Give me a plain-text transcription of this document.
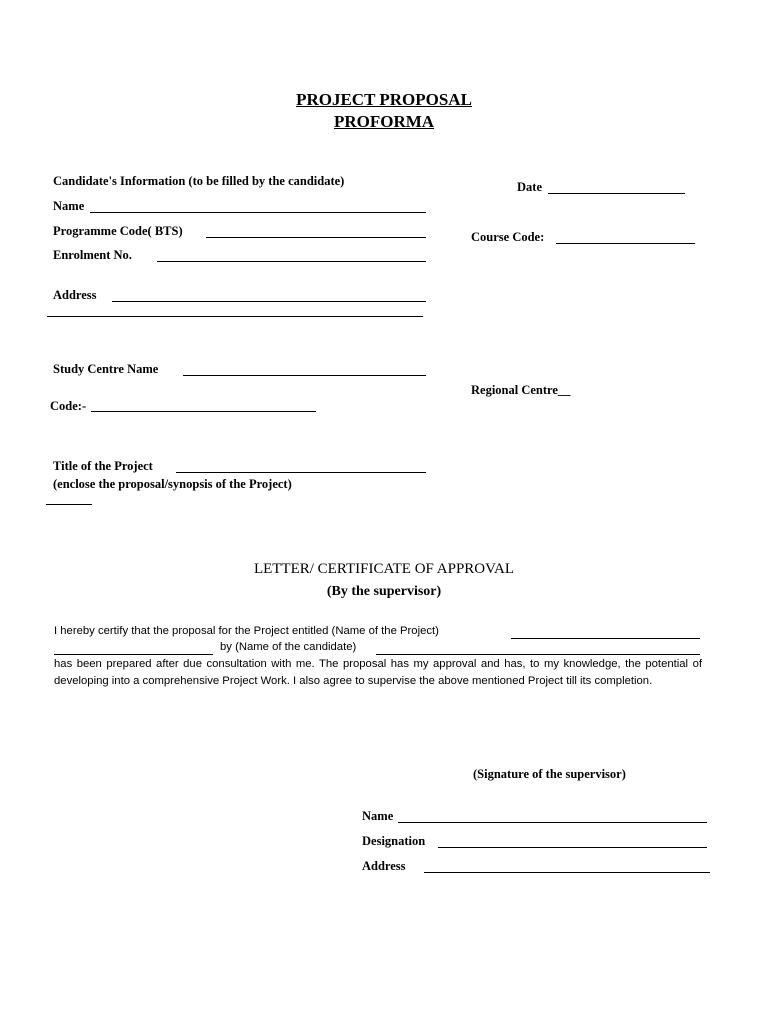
PROJECT PROPOSAL
PROFORMA
Candidate's Information (to be filled by the candidate)	Date
Name
Programme Code( BTS)	Course Code:
Enrolment No.
Address
Study Centre Name
Regional Centre__
Code:-
Title of the Project
(enclose the proposal/synopsis of the Project)
LETTER/ CERTIFICATE OF APPROVAL
(By the supervisor)
I hereby certify that the proposal for the Project entitled (Name of the Project)
by (Name of the candidate)
has been prepared after due consultation with me. The proposal has my approval and has, to my knowledge, the potential of developing into a comprehensive Project Work. I also agree to supervise the above mentioned Project till its completion.
(Signature of the supervisor)
Name
Designation
Address
